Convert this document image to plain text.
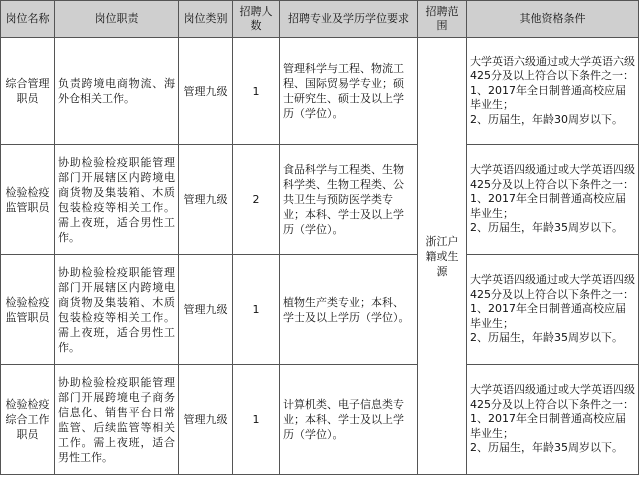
岗位名称	岗位职责	岗位类别	招聘人数	招聘专业及学历学位要求	招聘范围	其他资格条件
综合管理职员	负责跨境电商物流、海外仓相关工作。	管理九级	1	管理科学与工程、物流工程、国际贸易学专业；硕士研究生、硕士及以上学历（学位）。	浙江户籍或生源	大学英语六级通过或大学英语六级425分及以上符合以下条件之一：
1、2017年全日制普通高校应届毕业生；
2、历届生，年龄30周岁以下。

检验检疫监管职员	协助检验检疫职能管理部门开展辖区内跨境电商货物及集装箱、木质包装检疫等相关工作。需上夜班，适合男性工作。	管理九级	2	食品科学与工程类、生物科学类、生物工程类、公共卫生与预防医学类专业；本科、学士及以上学历（学位）。		大学英语四级通过或大学英语四级425分及以上符合以下条件之一：
1、2017年全日制普通高校应届毕业生；
2、历届生，年龄35周岁以下。

检验检疫监管职员	协助检验检疫职能管理部门开展辖区内跨境电商货物及集装箱、木质包装检疫等相关工作。需上夜班，适合男性工作。	管理九级	1	植物生产类专业；本科、学士及以上学历（学位）。		大学英语四级通过或大学英语四级425分及以上符合以下条件之一：
1、2017年全日制普通高校应届毕业生；
2、历届生，年龄35周岁以下。

检验检疫综合工作职员	协助检验检疫职能管理部门开展跨境电子商务信息化、销售平台日常监管、后续监管等相关工作。需上夜班，适合男性工作。	管理九级	1	计算机类、电子信息类专业；本科、学士及以上学历（学位）。		大学英语四级通过或大学英语四级425分及以上符合以下条件之一：
1、2017年全日制普通高校应届毕业生；
2、历届生，年龄35周岁以下。
